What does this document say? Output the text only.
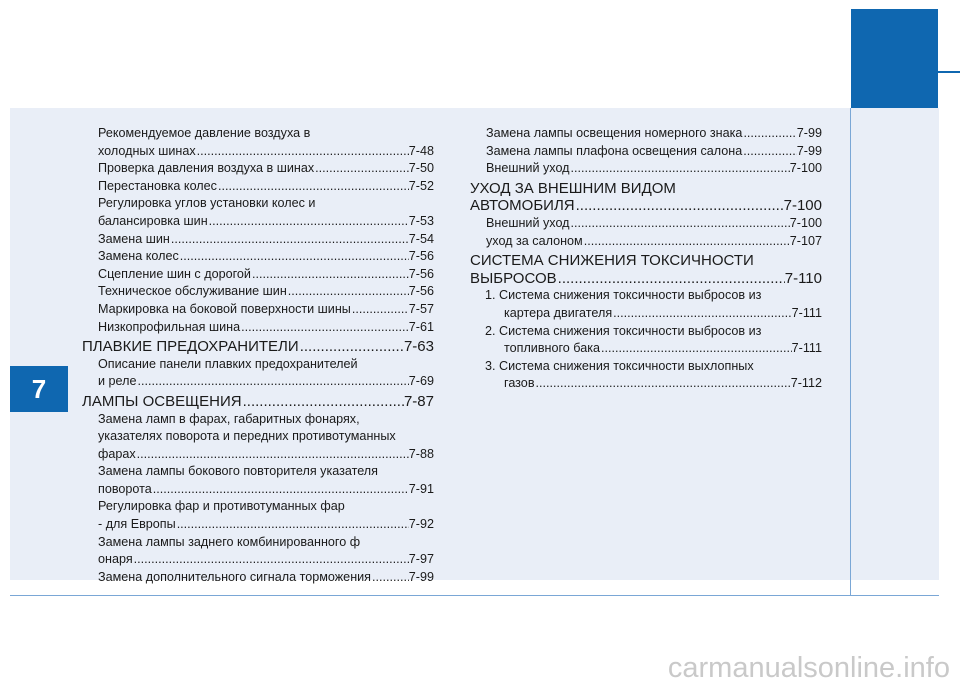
7
Рекомендуемое давление воздуха в
холодных шинах .....	7-48
Проверка давления воздуха в шинах .....	7-50
Перестановка колес .....	7-52
Регулировка углов установки колес и
балансировка шин .....	7-53
Замена шин .....	7-54
Замена колес .....	7-56
Сцепление шин с дорогой .....	7-56
Техническое обслуживание шин .....	7-56
Маркировка на боковой поверхности шины .....	7-57
Низкопрофильная шина .....	7-61
ПЛАВКИЕ ПРЕДОХРАНИТЕЛИ .....	7-63
Описание панели плавких предохранителей
и реле .....	7-69
ЛАМПЫ ОСВЕЩЕНИЯ .....	7-87
Замена ламп в фарах, габаритных фонарях,
указателях поворота и передних противотуманных
фарах .....	7-88
Замена лампы бокового повторителя указателя
поворота .....	7-91
Регулировка фар и противотуманных фар
- для Европы .....	7-92
Замена лампы заднего комбинированного ф
онаря .....	7-97
Замена дополнительного сигнала торможения .....	7-99
Замена лампы освещения номерного знака .....	7-99
Замена лампы плафона освещения салона .....	7-99
Внешний уход .....	7-100
УХОД ЗА ВНЕШНИМ ВИДОМ
АВТОМОБИЛЯ .....	7-100
Внешний уход .....	7-100
уход за салоном .....	7-107
СИСТЕМА СНИЖЕНИЯ ТОКСИЧНОСТИ
ВЫБРОСОВ .....	7-110
1. Система снижения токсичности выбросов из
картера двигателя .....	7-111
2. Система снижения токсичности выбросов из
топливного бака .....	7-111
3. Система снижения токсичности выхлопных
газов .....	7-112
carmanualsonline.info
